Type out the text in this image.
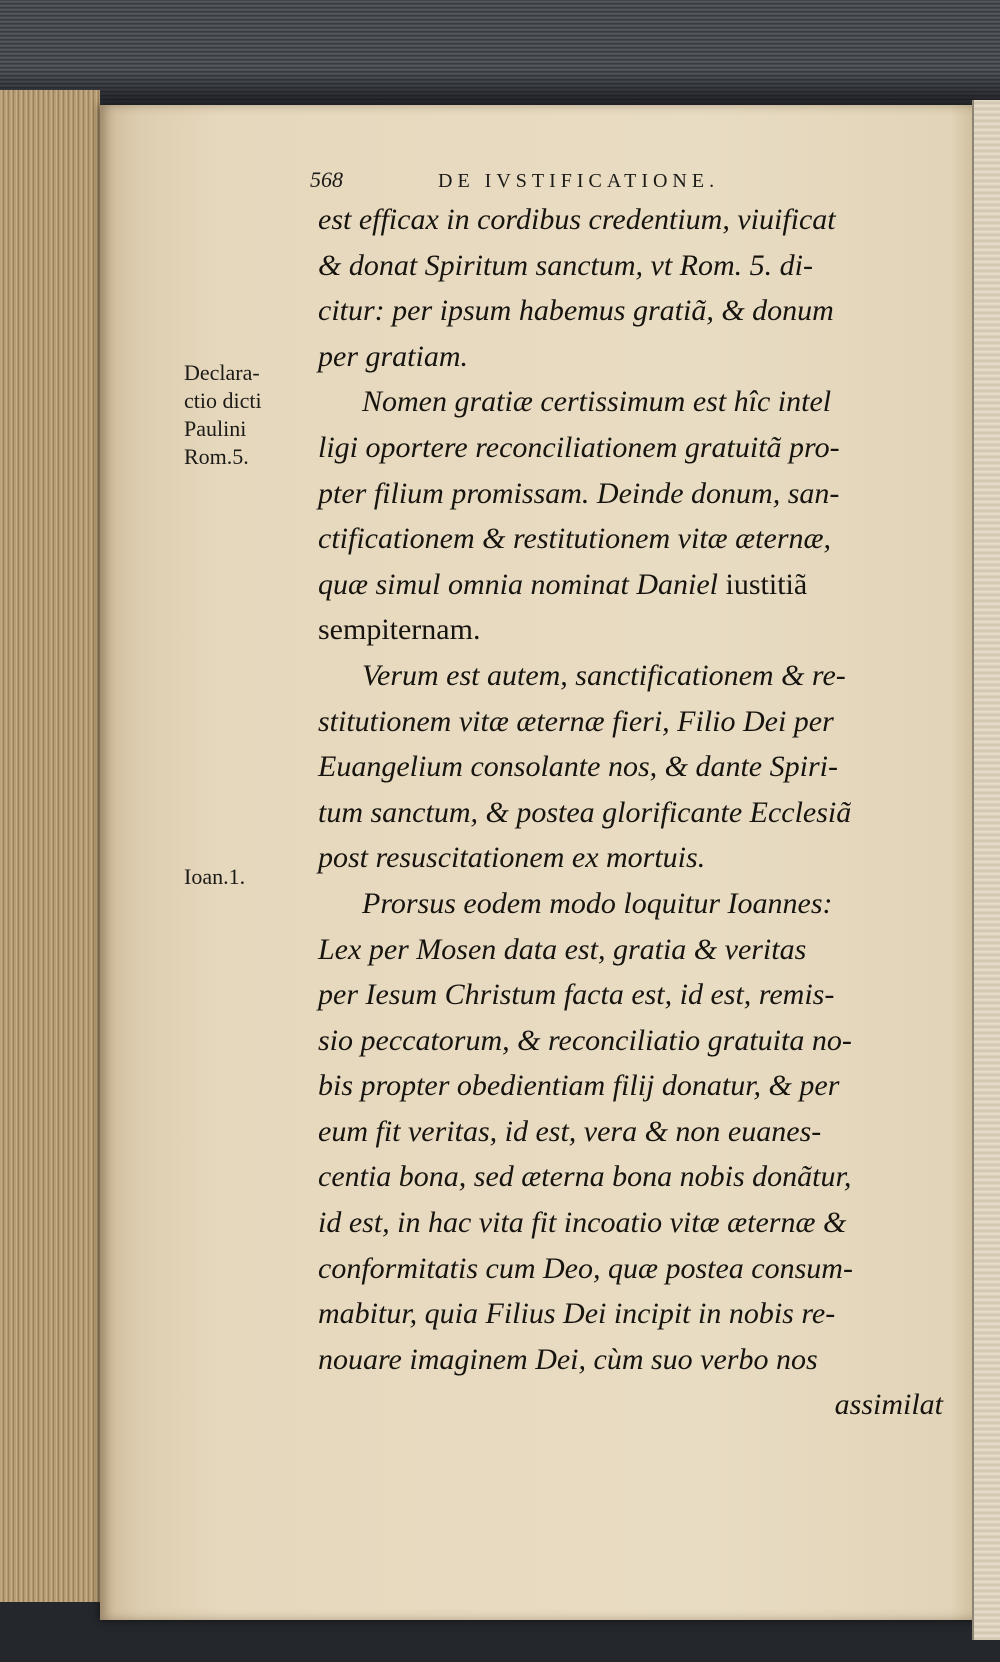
568	DE IVSTIFICATIONE.
Declara-
ctio dicti
Paulini
Rom.5.
Ioan.1.
est efficax in cordibus credentium, viuificat
& donat Spiritum sanctum, vt Rom. 5. di-
citur: per ipsum habemus gratiã, & donum
per gratiam.
Nomen gratiæ certissimum est hîc intel
ligi oportere reconciliationem gratuitã pro-
pter filium promissam. Deinde donum, san-
ctificationem & restitutionem vitæ æternæ,
quæ simul omnia nominat Daniel iustitiã
sempiternam.
Verum est autem, sanctificationem & re-
stitutionem vitæ æternæ fieri, Filio Dei per
Euangelium consolante nos, & dante Spiri-
tum sanctum, & postea glorificante Ecclesiã
post resuscitationem ex mortuis.
Prorsus eodem modo loquitur Ioannes:
Lex per Mosen data est, gratia & veritas
per Iesum Christum facta est, id est, remis-
sio peccatorum, & reconciliatio gratuita no-
bis propter obedientiam filij donatur, & per
eum fit veritas, id est, vera & non euanes-
centia bona, sed æterna bona nobis donãtur,
id est, in hac vita fit incoatio vitæ æternæ &
conformitatis cum Deo, quæ postea consum-
mabitur, quia Filius Dei incipit in nobis re-
nouare imaginem Dei, cùm suo verbo nos
assimilat
